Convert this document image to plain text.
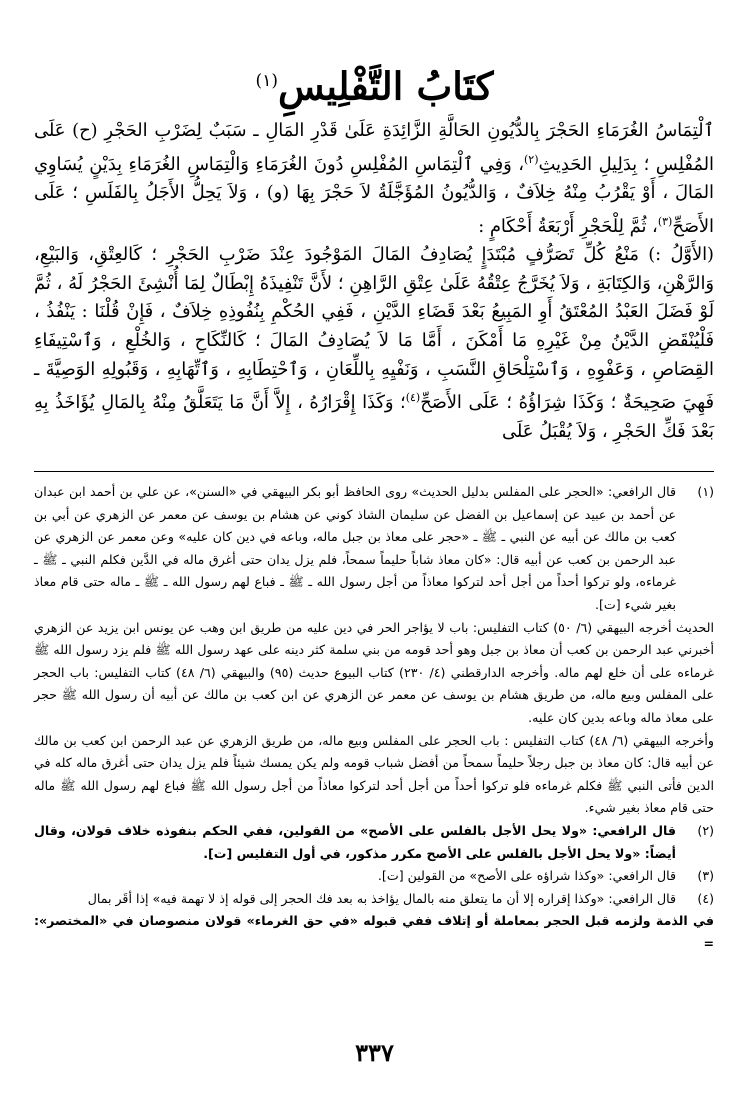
كتَابُ التَّفْلِيسِ$^{(١)}$

ٱلْتِمَاسُ الغُرَمَاءِ الحَجْرَ بِالدُّيُونِ الحَالَّةِ الزَّائِدَةِ عَلَىٰ قَدْرِ المَالِ ـ سَبَبٌ لِضَرْبِ الحَجْرِ (ح) عَلَى المُفْلِسِ ؛ بِدَلِيلِ الحَدِيثِ$^{(٢)}$، وَفِي ٱلْتِمَاسِ المُفْلِسِ دُونَ الغُرَمَاءِ وَالْتِمَاسِ الغُرَمَاءِ بِدَيْنٍ يُسَاوِي المَالَ ، أَوْ يَقْرُبُ مِنْهُ خِلاَفٌ ، وَالدُّيُونُ المُؤَجَّلَةُ لاَ حَجْرَ بِهَا (و) ، وَلاَ يَحِلُّ الأَجَلُ بِالفَلَسِ ؛ عَلَى الأَصَحِّ$^{(٣)}$، ثُمَّ لِلْحَجْرِ أَرْبَعَةُ أَحْكَامٍ :

(الأَوَّلُ :) مَنْعُ كُلِّ تَصَرُّفٍ مُبْتَدَإٍ يُصَادِفُ المَالَ المَوْجُودَ عِنْدَ ضَرْبِ الحَجْرِ ؛ كَالعِتْقِ، وَالبَيْعِ، وَالرَّهْنِ، وَالكِتَابَةِ ، وَلاَ يُخَرَّجُ عِتْقُهُ عَلَىٰ عِتْقِ الرَّاهِنِ ؛ لأَنَّ تَنْفِيذَهُ إِبْطَالٌ لِمَا أُنْشِئَ الحَجْرُ لَهُ ، ثُمَّ لَوْ فَضَلَ العَبْدُ المُعْتَقُ أَوِ المَبِيعُ بَعْدَ قَضَاءِ الدَّيْنِ ، فَفِي الحُكْمِ بِنُفُوذِهِ خِلاَفٌ ، فَإِنْ قُلْنَا : يَنْفُذُ ، فَلْيُنْقَضِ الدَّيْنُ مِنْ غَيْرِهِ مَا أَمْكَنَ ، أَمَّا مَا لاَ يُصَادِفُ المَالَ ؛ كَالنِّكَاحِ ، وَالخُلْعِ ، وَٱسْتِيفَاءِ القِصَاصِ ، وَعَفْوِهِ ، وَٱسْتِلْحَاقِ النَّسَبِ ، وَنَفْيِهِ بِاللِّعَانِ ، وَٱحْتِطَابِهِ ، وَٱتِّهَابِهِ ، وَقَبُولِهِ الوَصِيَّةَ ـ فَهِيَ صَحِيحَةٌ ؛ وَكَذَا شِرَاؤُهُ ؛ عَلَى الأَصَحِّ$^{(٤)}$؛ وَكَذَا إِقْرَارُهُ ، إِلاَّ أَنَّ مَا يَتَعَلَّقُ مِنْهُ بِالمَالِ يُؤَاخَذُ بِهِ بَعْدَ فَكِّ الحَجْرِ ، وَلاَ يُقْبَلُ عَلَى

(١)

قال الرافعي: «الحجر على المفلس بدليل الحديث» روى الحافظ أبو بكر البيهقي في «السنن»، عن علي بن أحمد ابن عبدان عن أحمد بن عبيد عن إسماعيل بن الفضل عن سليمان الشاذ كوني عن هشام بن يوسف عن معمر عن الزهري عن أبي بن كعب بن مالك عن أبيه عن النبي ـ ﷺ ـ «حجر على معاذ بن جبل ماله، وباعه في دين كان عليه» وعن معمر عن الزهري عن عبد الرحمن بن كعب عن أبيه قال: «كان معاذ شاباً حليماً سمحاً، فلم يزل يدان حتى أغرق ماله في الدَّين فكلم النبي ـ ﷺ ـ غرماءه، ولو تركوا أحداً من أجل أحد لتركوا معاذاً من أجل رسول الله ـ ﷺ ـ فباع لهم رسول الله ـ ﷺ ـ ماله حتى قام معاذ بغير شيء [ت].

الحديث أخرجه البيهقي (٦/ ٥٠) كتاب التفليس: باب لا يؤاجر الحر في دين عليه من طريق ابن وهب عن يونس ابن يزيد عن الزهري أخبرني عبد الرحمن بن كعب أن معاذ بن جبل وهو أحد قومه من بني سلمة كثر دينه على عهد رسول الله ﷺ فلم يزد رسول الله ﷺ غرماءه على أن خلع لهم ماله. وأخرجه الدارقطني (٤/ ٢٣٠) كتاب البيوع حديث (٩٥) والبيهقي (٦/ ٤٨) كتاب التفليس: باب الحجر على المفلس وبيع ماله، من طريق هشام بن يوسف عن معمر عن الزهري عن ابن كعب بن مالك عن أبيه أن رسول الله ﷺ حجر على معاذ ماله وباعه بدين كان عليه.

وأخرجه البيهقي (٦/ ٤٨) كتاب التفليس : باب الحجر على المفلس وبيع ماله، من طريق الزهري عن عبد الرحمن ابن كعب بن مالك عن أبيه قال: كان معاذ بن جبل رجلاً حليماً سمحاً من أفضل شباب قومه ولم يكن يمسك شيئاً فلم يزل يدان حتى أغرق ماله كله في الدين فأتى النبي ﷺ فكلم غرماءه فلو تركوا أحداً من أجل أحد لتركوا معاذاً من أجل رسول الله ﷺ فباع لهم رسول الله ﷺ ماله حتى قام معاذ بغير شيء.

(٢)

قال الرافعي: «ولا يحل الأجل بالفلس على الأصح» من القولين، ففي الحكم بنفوذه خلاف قولان، وقال أيضاً: «ولا يحل الأجل بالفلس على الأصح مكرر مذكور، في أول التفليس [ت].

(٣)

قال الرافعي: «وكذا شراؤه على الأصح» من القولين [ت].

(٤)

قال الرافعي: «وكذا إقراره إلا أن ما يتعلق منه بالمال يؤاخذ به بعد فك الحجر إلى قوله إذ لا تهمة فيه» إذا أقَر بمال

في الذمة ولزمه قبل الحجر بمعاملة أو إتلاف ففي قبوله «في حق الغرماء» قولان منصوصان في «المختصر»: =

٣٣٧
